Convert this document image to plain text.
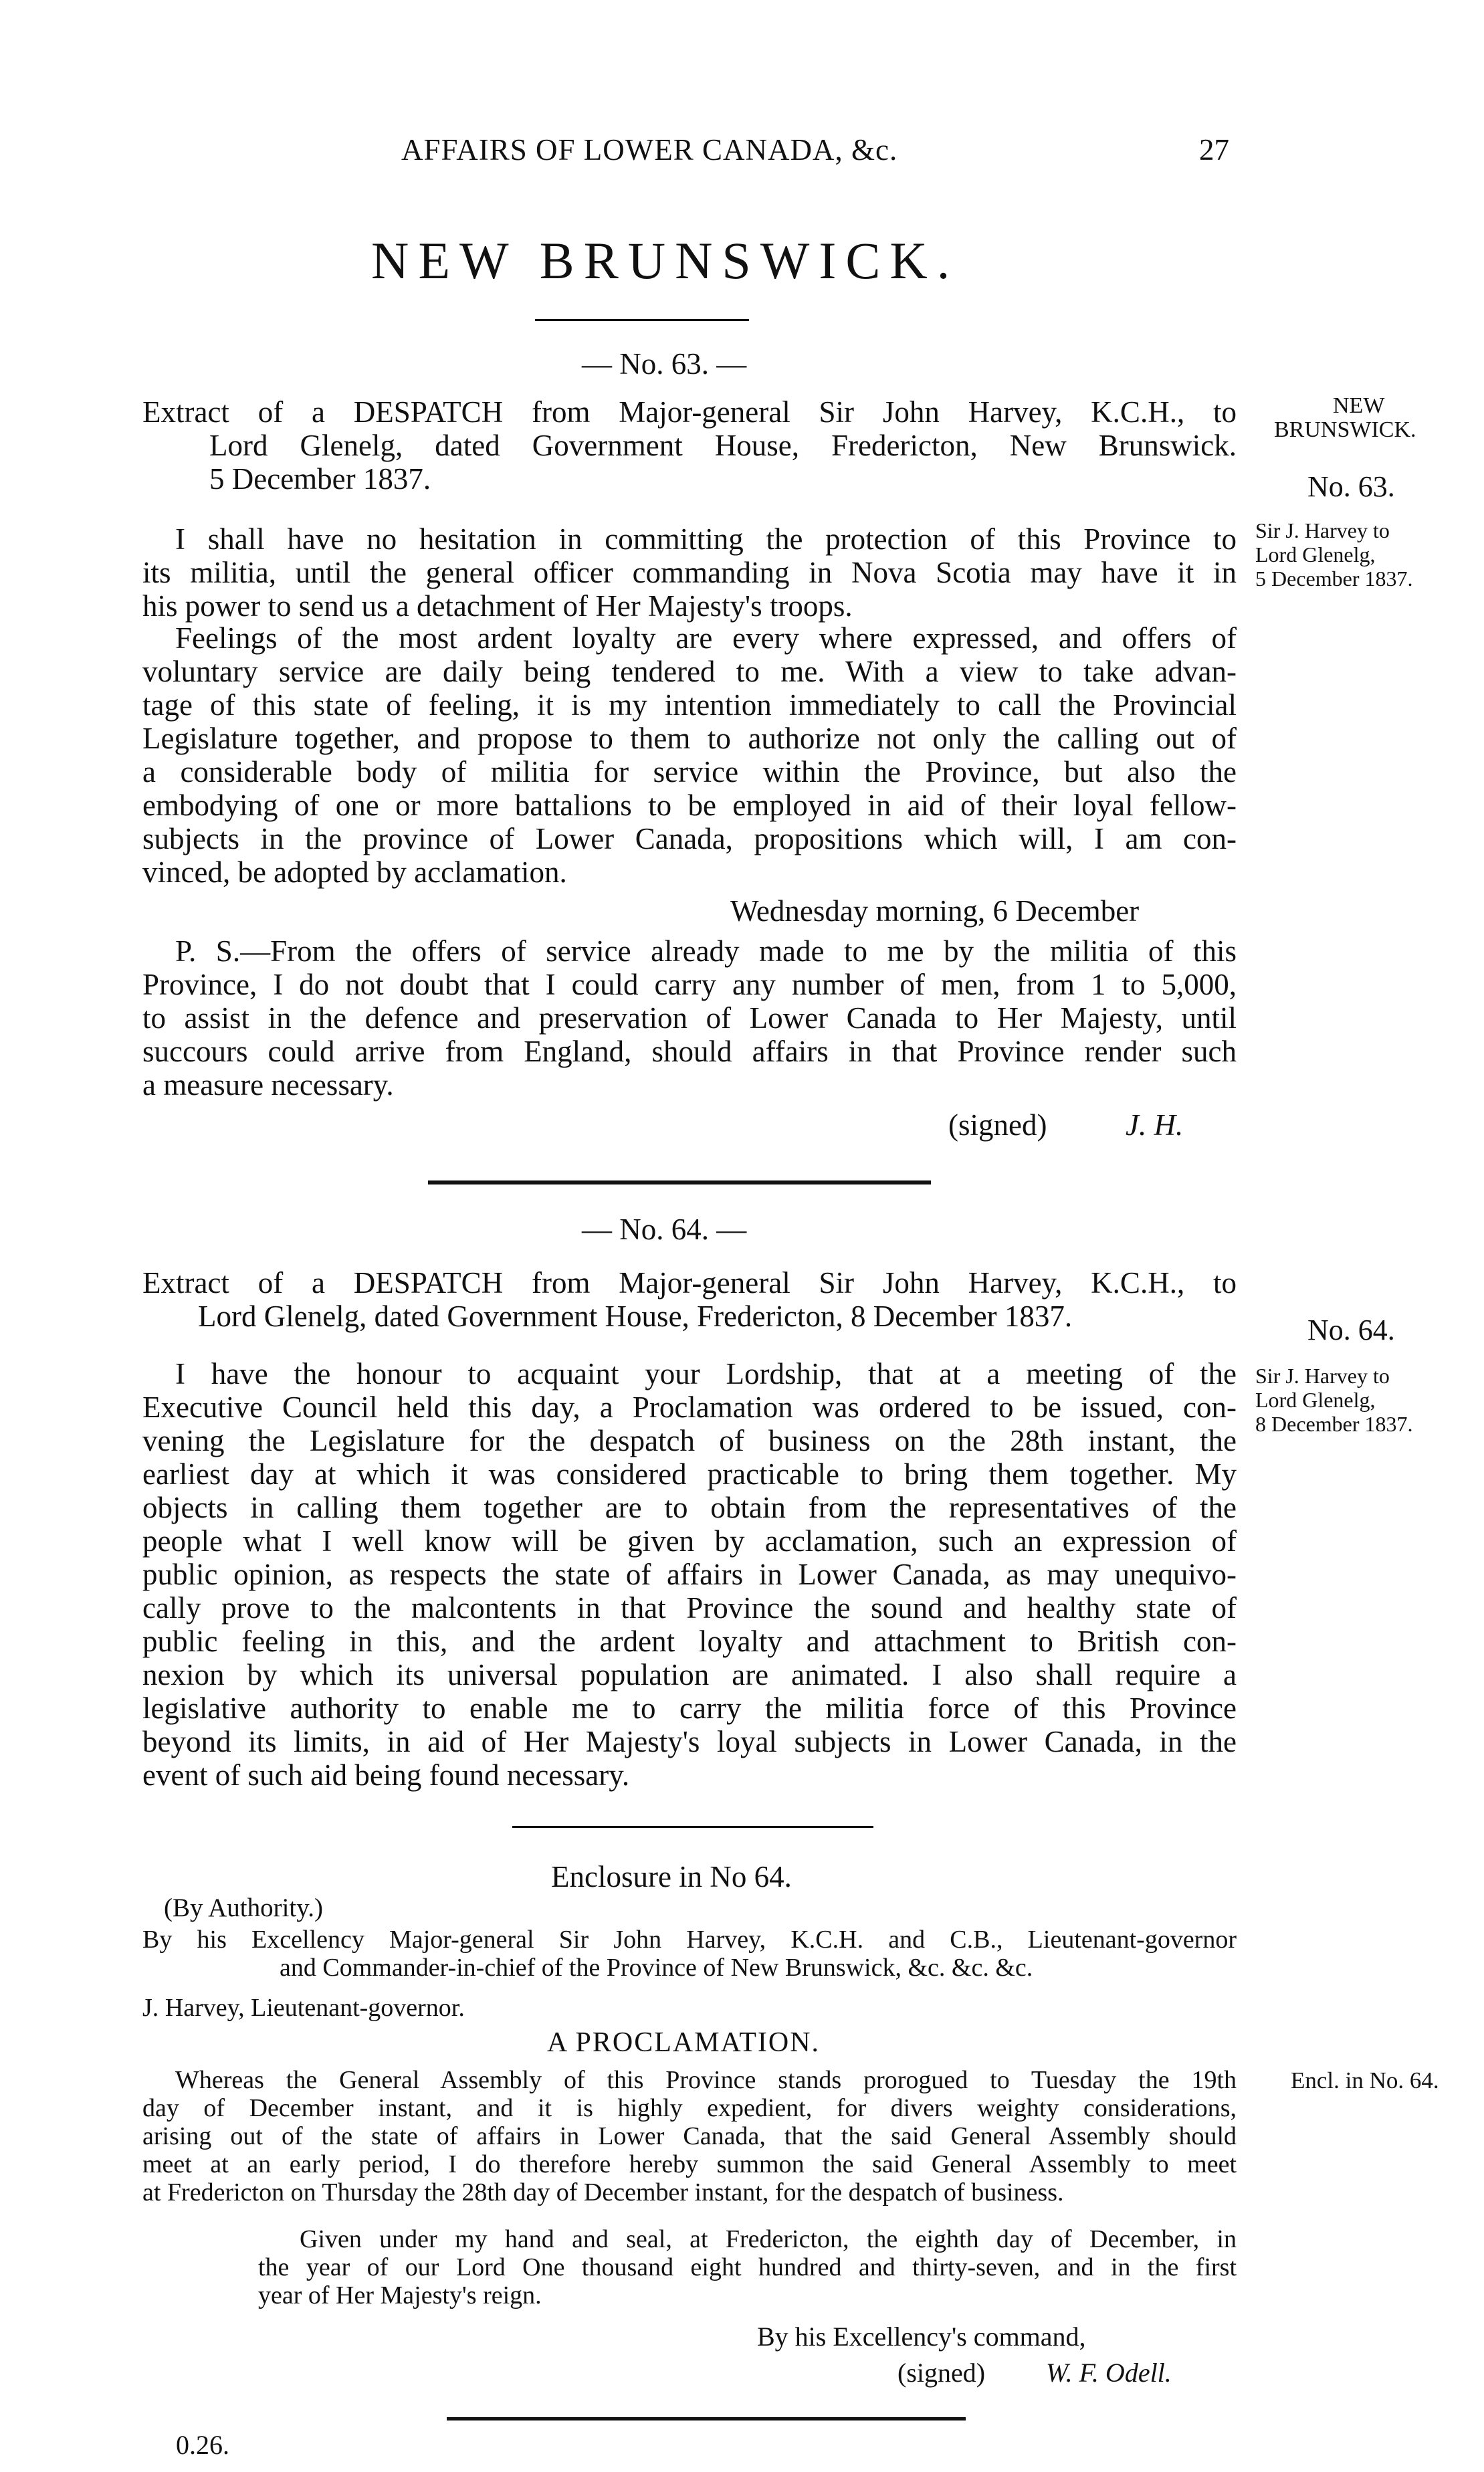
AFFAIRS OF LOWER CANADA, &c.	27
NEW BRUNSWICK.
— No. 63. —
Extract of a DESPATCH from Major-general Sir John Harvey, K.C.H., to
Lord Glenelg, dated Government House, Fredericton, New Brunswick.
5 December 1837.
I shall have no hesitation in committing the protection of this Province to
its militia, until the general officer commanding in Nova Scotia may have it in
his power to send us a detachment of Her Majesty's troops.
Feelings of the most ardent loyalty are every where expressed, and offers of
voluntary service are daily being tendered to me. With a view to take advan-
tage of this state of feeling, it is my intention immediately to call the Provincial
Legislature together, and propose to them to authorize not only the calling out of
a considerable body of militia for service within the Province, but also the
embodying of one or more battalions to be employed in aid of their loyal fellow-
subjects in the province of Lower Canada, propositions which will, I am con-
vinced, be adopted by acclamation.
Wednesday morning, 6 December
P. S.—From the offers of service already made to me by the militia of this
Province, I do not doubt that I could carry any number of men, from 1 to 5,000,
to assist in the defence and preservation of Lower Canada to Her Majesty, until
succours could arrive from England, should affairs in that Province render such
a measure necessary.
(signed)	J. H.
NEW
BRUNSWICK.
No. 63.
Sir J. Harvey to
Lord Glenelg,
5 December 1837.
— No. 64. —
Extract of a DESPATCH from Major-general Sir John Harvey, K.C.H., to
Lord Glenelg, dated Government House, Fredericton, 8 December 1837.
I have the honour to acquaint your Lordship, that at a meeting of the
Executive Council held this day, a Proclamation was ordered to be issued, con-
vening the Legislature for the despatch of business on the 28th instant, the
earliest day at which it was considered practicable to bring them together. My
objects in calling them together are to obtain from the representatives of the
people what I well know will be given by acclamation, such an expression of
public opinion, as respects the state of affairs in Lower Canada, as may unequivo-
cally prove to the malcontents in that Province the sound and healthy state of
public feeling in this, and the ardent loyalty and attachment to British con-
nexion by which its universal population are animated. I also shall require a
legislative authority to enable me to carry the militia force of this Province
beyond its limits, in aid of Her Majesty's loyal subjects in Lower Canada, in the
event of such aid being found necessary.
No. 64.
Sir J. Harvey to
Lord Glenelg,
8 December 1837.
Enclosure in No 64.
(By Authority.)
By his Excellency Major-general Sir John Harvey, K.C.H. and C.B., Lieutenant-governor
and Commander-in-chief of the Province of New Brunswick, &c. &c. &c.
J. Harvey, Lieutenant-governor.
A PROCLAMATION.
Whereas the General Assembly of this Province stands prorogued to Tuesday the 19th
day of December instant, and it is highly expedient, for divers weighty considerations,
arising out of the state of affairs in Lower Canada, that the said General Assembly should
meet at an early period, I do therefore hereby summon the said General Assembly to meet
at Fredericton on Thursday the 28th day of December instant, for the despatch of business.
Given under my hand and seal, at Fredericton, the eighth day of December, in
the year of our Lord One thousand eight hundred and thirty-seven, and in the first
year of Her Majesty's reign.
By his Excellency's command,
(signed) W. F. Odell.
Encl. in No. 64.
0.26.
